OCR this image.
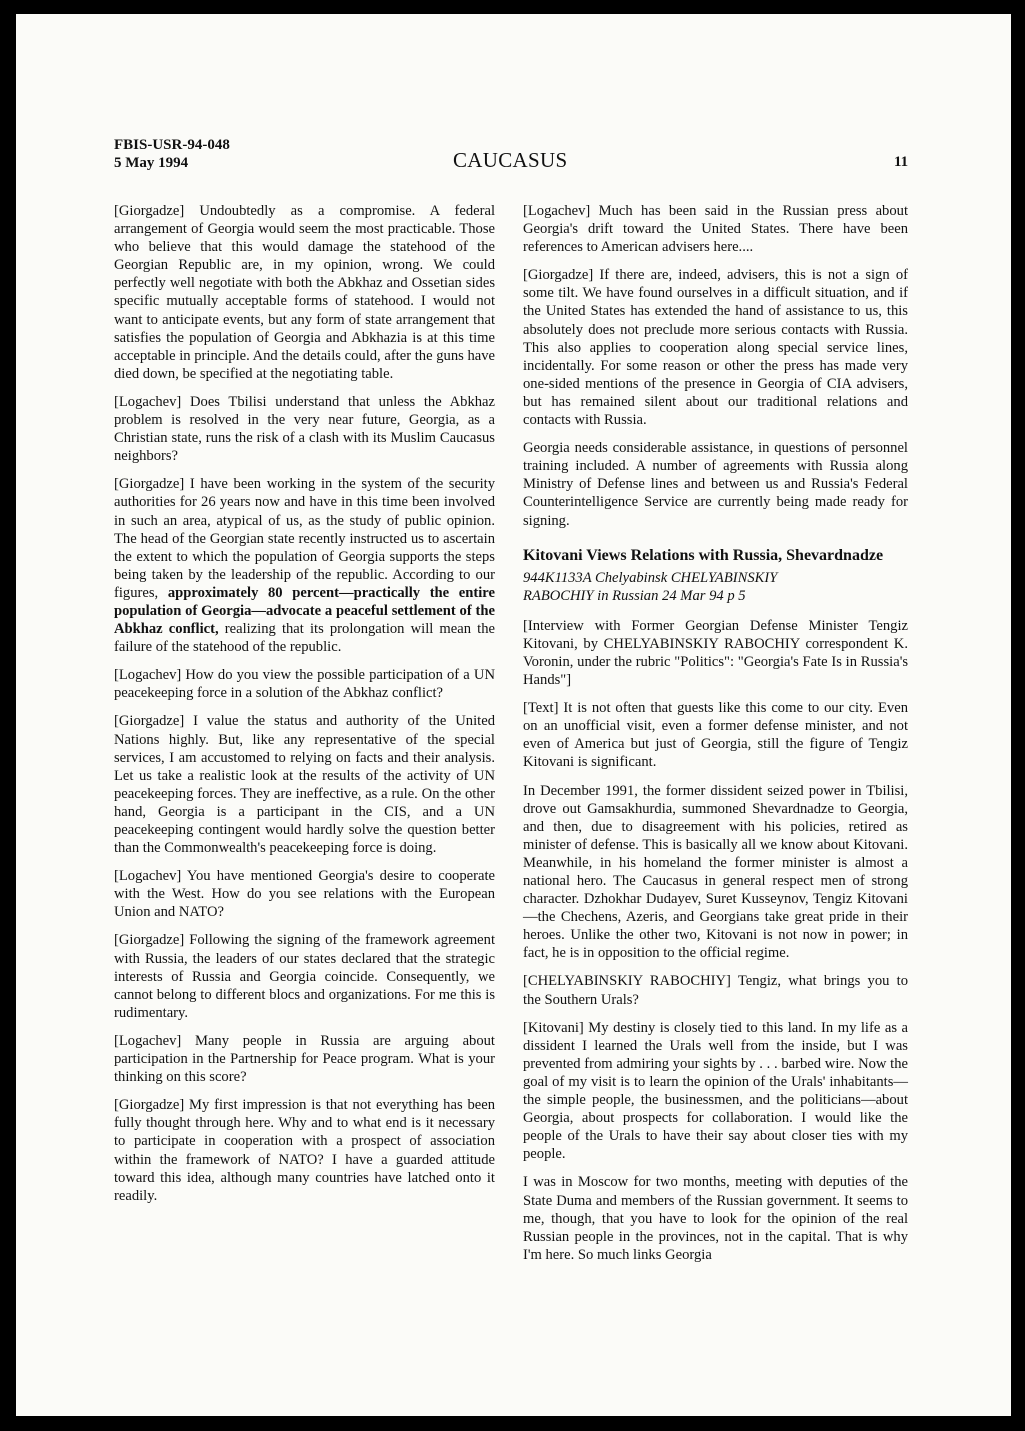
FBIS-USR-94-048
5 May 1994	CAUCASUS	11

[Giorgadze] Undoubtedly as a compromise. A federal arrangement of Georgia would seem the most practicable. Those who believe that this would damage the statehood of the Georgian Republic are, in my opinion, wrong. We could perfectly well negotiate with both the Abkhaz and Ossetian sides specific mutually acceptable forms of statehood. I would not want to anticipate events, but any form of state arrangement that satisfies the population of Georgia and Abkhazia is at this time acceptable in principle. And the details could, after the guns have died down, be specified at the negotiating table.

[Logachev] Does Tbilisi understand that unless the Abkhaz problem is resolved in the very near future, Georgia, as a Christian state, runs the risk of a clash with its Muslim Caucasus neighbors?

[Giorgadze] I have been working in the system of the security authorities for 26 years now and have in this time been involved in such an area, atypical of us, as the study of public opinion. The head of the Georgian state recently instructed us to ascertain the extent to which the population of Georgia supports the steps being taken by the leadership of the republic. According to our figures, approximately 80 percent—practically the entire population of Georgia—advocate a peaceful settlement of the Abkhaz conflict, realizing that its prolongation will mean the failure of the statehood of the republic.

[Logachev] How do you view the possible participation of a UN peacekeeping force in a solution of the Abkhaz conflict?

[Giorgadze] I value the status and authority of the United Nations highly. But, like any representative of the special services, I am accustomed to relying on facts and their analysis. Let us take a realistic look at the results of the activity of UN peacekeeping forces. They are ineffective, as a rule. On the other hand, Georgia is a participant in the CIS, and a UN peacekeeping contingent would hardly solve the question better than the Commonwealth's peacekeeping force is doing.

[Logachev] You have mentioned Georgia's desire to cooperate with the West. How do you see relations with the European Union and NATO?

[Giorgadze] Following the signing of the framework agreement with Russia, the leaders of our states declared that the strategic interests of Russia and Georgia coincide. Consequently, we cannot belong to different blocs and organizations. For me this is rudimentary.

[Logachev] Many people in Russia are arguing about participation in the Partnership for Peace program. What is your thinking on this score?

[Giorgadze] My first impression is that not everything has been fully thought through here. Why and to what end is it necessary to participate in cooperation with a prospect of association within the framework of NATO? I have a guarded attitude toward this idea, although many countries have latched onto it readily.

[Logachev] Much has been said in the Russian press about Georgia's drift toward the United States. There have been references to American advisers here....

[Giorgadze] If there are, indeed, advisers, this is not a sign of some tilt. We have found ourselves in a difficult situation, and if the United States has extended the hand of assistance to us, this absolutely does not preclude more serious contacts with Russia. This also applies to cooperation along special service lines, incidentally. For some reason or other the press has made very one-sided mentions of the presence in Georgia of CIA advisers, but has remained silent about our traditional relations and contacts with Russia.

Georgia needs considerable assistance, in questions of personnel training included. A number of agreements with Russia along Ministry of Defense lines and between us and Russia's Federal Counterintelligence Service are currently being made ready for signing.

Kitovani Views Relations with Russia, Shevardnadze
944K1133A Chelyabinsk CHELYABINSKIY
RABOCHIY in Russian 24 Mar 94 p 5

[Interview with Former Georgian Defense Minister Tengiz Kitovani, by CHELYABINSKIY RABOCHIY correspondent K. Voronin, under the rubric "Politics": "Georgia's Fate Is in Russia's Hands"]

[Text] It is not often that guests like this come to our city. Even on an unofficial visit, even a former defense minister, and not even of America but just of Georgia, still the figure of Tengiz Kitovani is significant.

In December 1991, the former dissident seized power in Tbilisi, drove out Gamsakhurdia, summoned Shevardnadze to Georgia, and then, due to disagreement with his policies, retired as minister of defense. This is basically all we know about Kitovani. Meanwhile, in his homeland the former minister is almost a national hero. The Caucasus in general respect men of strong character. Dzhokhar Dudayev, Suret Kusseynov, Tengiz Kitovani—the Chechens, Azeris, and Georgians take great pride in their heroes. Unlike the other two, Kitovani is not now in power; in fact, he is in opposition to the official regime.

[CHELYABINSKIY RABOCHIY] Tengiz, what brings you to the Southern Urals?

[Kitovani] My destiny is closely tied to this land. In my life as a dissident I learned the Urals well from the inside, but I was prevented from admiring your sights by . . . barbed wire. Now the goal of my visit is to learn the opinion of the Urals' inhabitants—the simple people, the businessmen, and the politicians—about Georgia, about prospects for collaboration. I would like the people of the Urals to have their say about closer ties with my people.

I was in Moscow for two months, meeting with deputies of the State Duma and members of the Russian government. It seems to me, though, that you have to look for the opinion of the real Russian people in the provinces, not in the capital. That is why I'm here. So much links Georgia
